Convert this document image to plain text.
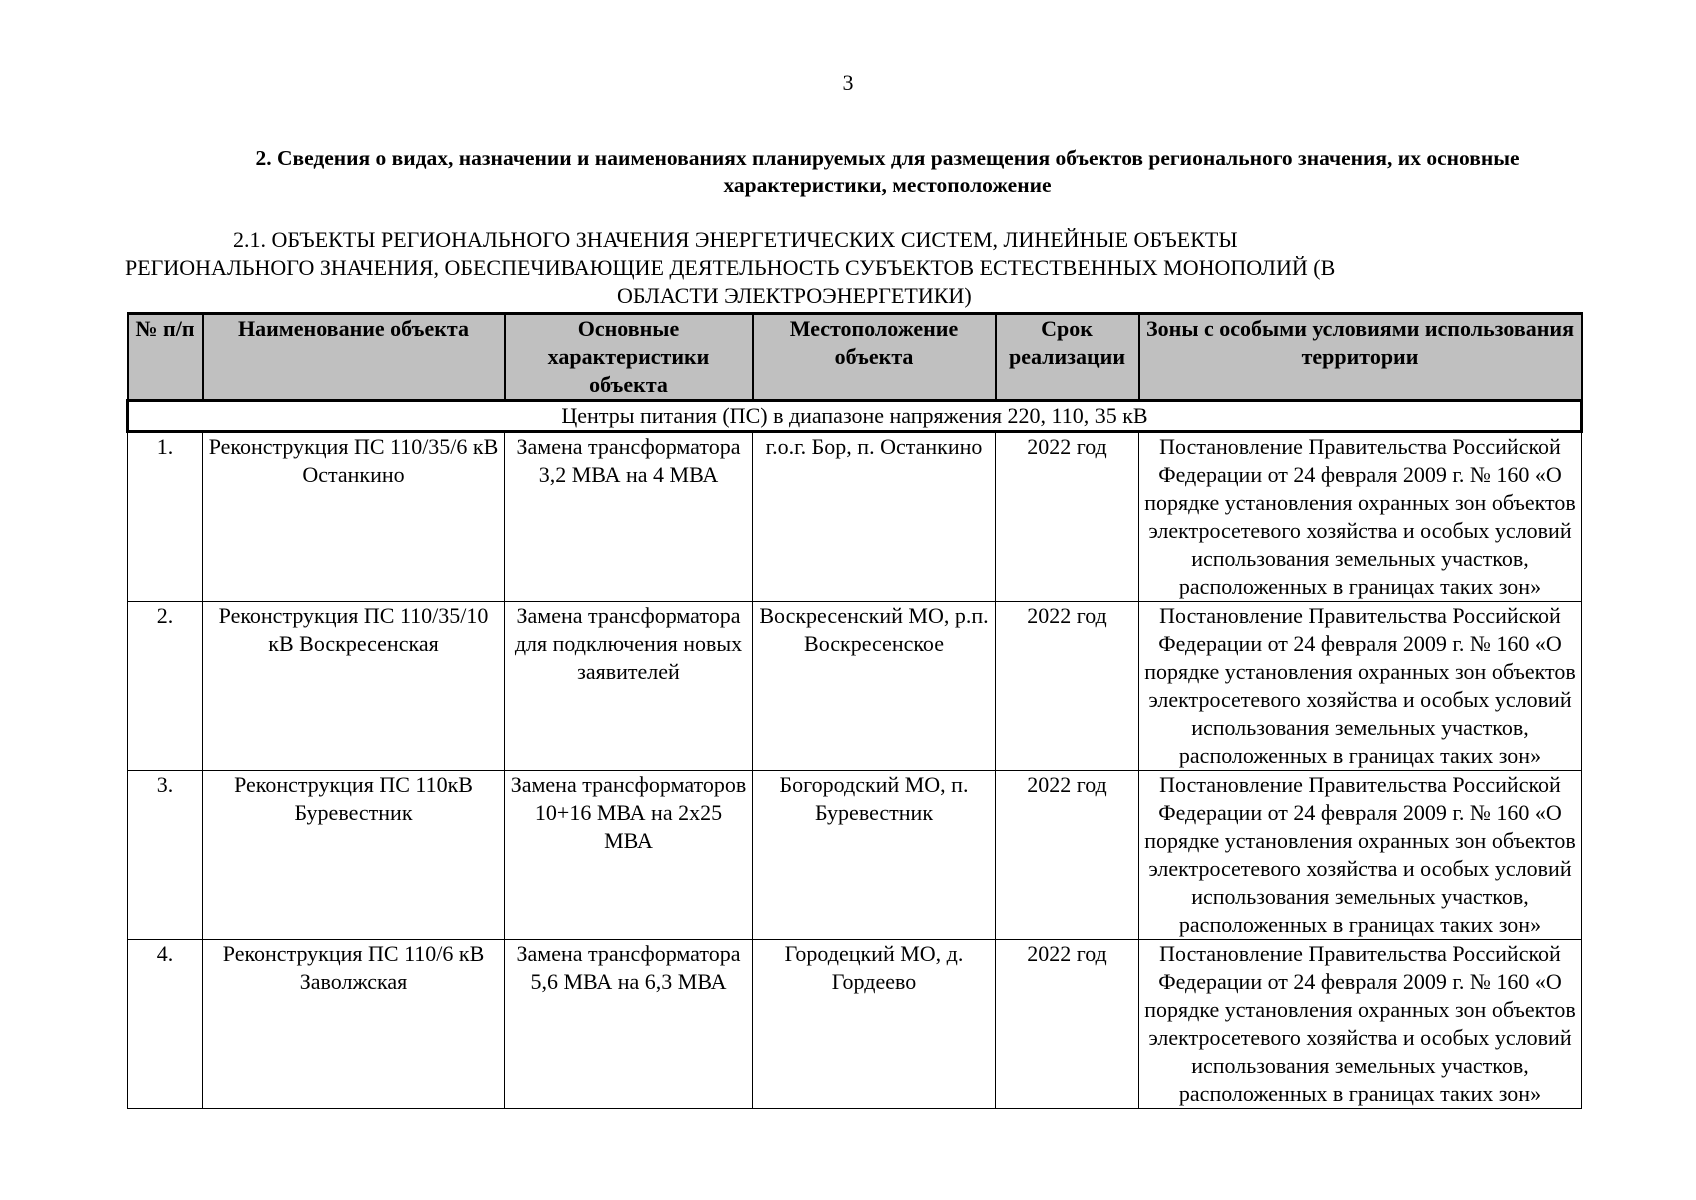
3
2. Сведения о видах, назначении и наименованиях планируемых для размещения объектов регионального значения, их основные характеристики, местоположение
2.1. ОБЪЕКТЫ РЕГИОНАЛЬНОГО ЗНАЧЕНИЯ ЭНЕРГЕТИЧЕСКИХ СИСТЕМ, ЛИНЕЙНЫЕ ОБЪЕКТЫ
РЕГИОНАЛЬНОГО ЗНАЧЕНИЯ, ОБЕСПЕЧИВАЮЩИЕ ДЕЯТЕЛЬНОСТЬ СУБЪЕКТОВ ЕСТЕСТВЕННЫХ МОНОПОЛИЙ (В
ОБЛАСТИ ЭЛЕКТРОЭНЕРГЕТИКИ)
№ п/п	Наименование объекта	Основные характеристики объекта	Местоположение объекта	Срок реализации	Зоны с особыми условиями использования территории
Центры питания (ПС) в диапазоне напряжения 220, 110, 35 кВ					
1.	Реконструкция ПС 110/35/6 кВ Останкино	Замена трансформатора 3,2 МВА на 4 МВА	г.о.г. Бор, п. Останкино	2022 год	Постановление Правительства Российской Федерации от 24 февраля 2009 г. № 160 «О порядке установления охранных зон объектов электросетевого хозяйства и особых условий использования земельных участков, расположенных в границах таких зон»
2.	Реконструкция ПС 110/35/10 кВ Воскресенская	Замена трансформатора для подключения новых заявителей	Воскресенский МО, р.п. Воскресенское	2022 год	Постановление Правительства Российской Федерации от 24 февраля 2009 г. № 160 «О порядке установления охранных зон объектов электросетевого хозяйства и особых условий использования земельных участков, расположенных в границах таких зон»
3.	Реконструкция ПС 110кВ Буревестник	Замена трансформаторов 10+16 МВА на 2х25 МВА	Богородский МО, п. Буревестник	2022 год	Постановление Правительства Российской Федерации от 24 февраля 2009 г. № 160 «О порядке установления охранных зон объектов электросетевого хозяйства и особых условий использования земельных участков, расположенных в границах таких зон»
4.	Реконструкция ПС 110/6 кВ Заволжская	Замена трансформатора 5,6 МВА на 6,3 МВА	Городецкий МО, д. Гордеево	2022 год	Постановление Правительства Российской Федерации от 24 февраля 2009 г. № 160 «О порядке установления охранных зон объектов электросетевого хозяйства и особых условий использования земельных участков, расположенных в границах таких зон»
